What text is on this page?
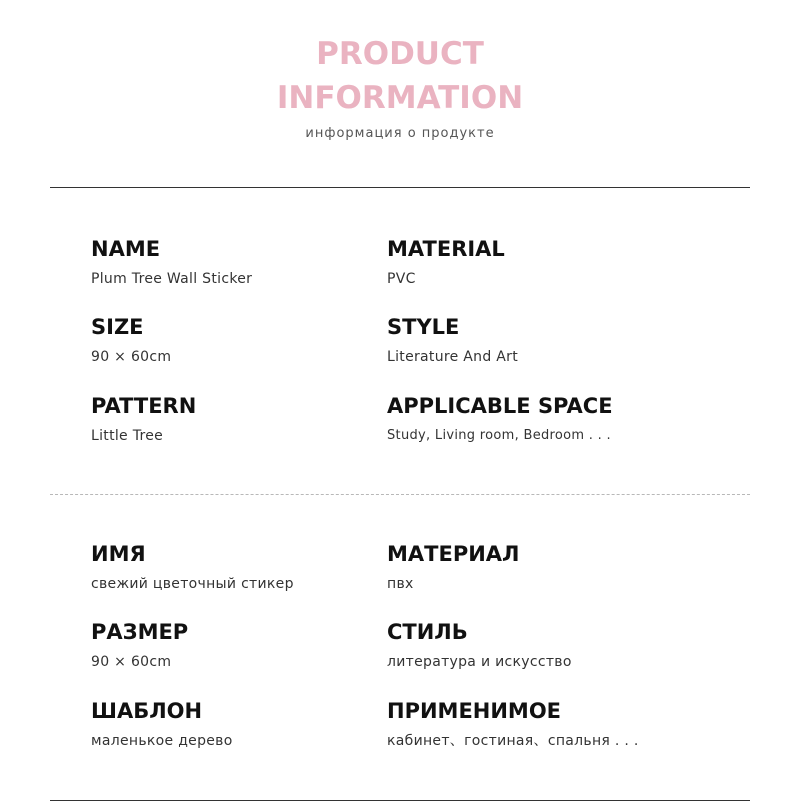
PRODUCT
INFORMATION
информация о продукте
NAME
Plum Tree Wall Sticker
MATERIAL
PVC
SIZE
90 × 60cm
STYLE
Literature And Art
PATTERN
Little Tree
APPLICABLE SPACE
Study, Living room, Bedroom . . .
ИМЯ
свежий цветочный стикер
МАТЕРИАЛ
пвх
РАЗМЕР
90 × 60cm
СТИЛЬ
литература и искусство
ШАБЛОН
маленькое дерево
ПРИМЕНИМОЕ
кабинет、гостиная、спальня . . .
